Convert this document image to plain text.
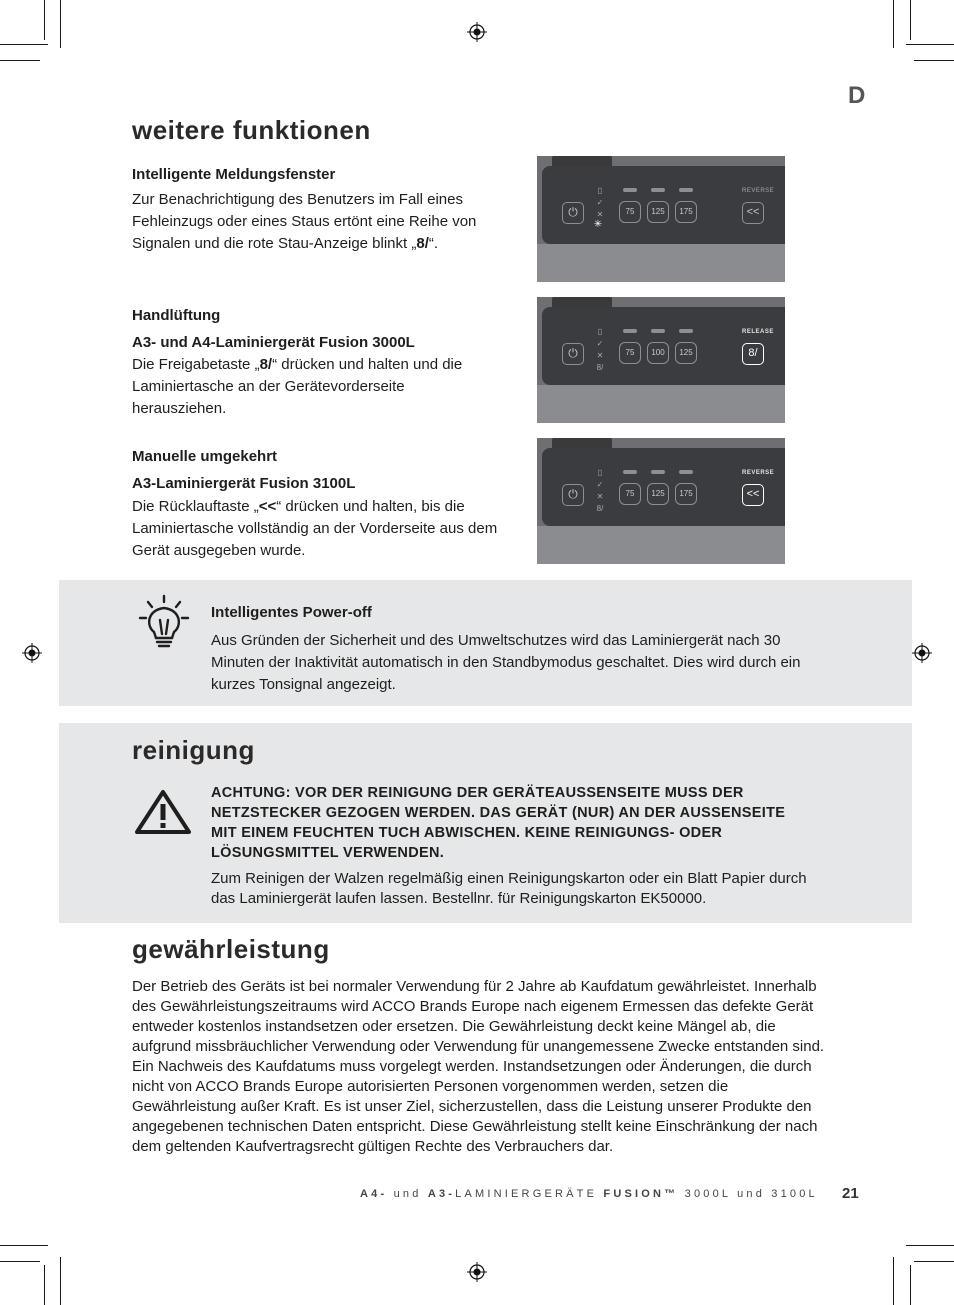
D
weitere funktionen
Intelligente Meldungsfenster
Zur Benachrichtigung des Benutzers im Fall eines Fehleinzugs oder eines Staus ertönt eine Reihe von Signalen und die rote Stau-Anzeige blinkt „8/“.
Handlüftung
A3- und A4-Laminiergerät Fusion 3000L
Die Freigabetaste „8/“ drücken und halten und die Laminiertasche an der Gerätevorderseite herausziehen.
Manuelle umgekehrt
A3-Laminiergerät Fusion 3100L
Die Rücklauftaste „<<“ drücken und halten, bis die Laminiertasche vollständig an der Vorderseite aus dem Gerät ausgegeben wurde.
⏻
▯
✓
✕
✳
75	125	175
REVERSE
<<
⏻
▯
✓
✕
8/
75	100	125
RELEASE
8/
⏻
▯
✓
✕
8/
75	125	175
REVERSE
<<
Intelligentes Power-off
Aus Gründen der Sicherheit und des Umweltschutzes wird das Laminiergerät nach 30 Minuten der Inaktivität automatisch in den Standbymodus geschaltet. Dies wird durch ein kurzes Tonsignal angezeigt.
reinigung
ACHTUNG: VOR DER REINIGUNG DER GERÄTEAUSSENSEITE MUSS DER NETZSTECKER GEZOGEN WERDEN. DAS GERÄT (NUR) AN DER AUSSENSEITE MIT EINEM FEUCHTEN TUCH ABWISCHEN. KEINE REINIGUNGS- ODER LÖSUNGSMITTEL VERWENDEN.
Zum Reinigen der Walzen regelmäßig einen Reinigungskarton oder ein Blatt Papier durch das Laminiergerät laufen lassen. Bestellnr. für Reinigungskarton EK50000.
gewährleistung
Der Betrieb des Geräts ist bei normaler Verwendung für 2 Jahre ab Kaufdatum gewährleistet. Innerhalb des Gewährleistungszeitraums wird ACCO Brands Europe nach eigenem Ermessen das defekte Gerät entweder kostenlos instandsetzen oder ersetzen. Die Gewährleistung deckt keine Mängel ab, die aufgrund missbräuchlicher Verwendung oder Verwendung für unangemessene Zwecke entstanden sind. Ein Nachweis des Kaufdatums muss vorgelegt werden. Instandsetzungen oder Änderungen, die durch nicht von ACCO Brands Europe autorisierten Personen vorgenommen werden, setzen die Gewährleistung außer Kraft. Es ist unser Ziel, sicherzustellen, dass die Leistung unserer Produkte den angegebenen technischen Daten entspricht. Diese Gewährleistung stellt keine Einschränkung der nach dem geltenden Kaufvertragsrecht gültigen Rechte des Verbrauchers dar.
A4- und A3-LAMINIERGERÄTE FUSION™ 3000L und 3100L 21
